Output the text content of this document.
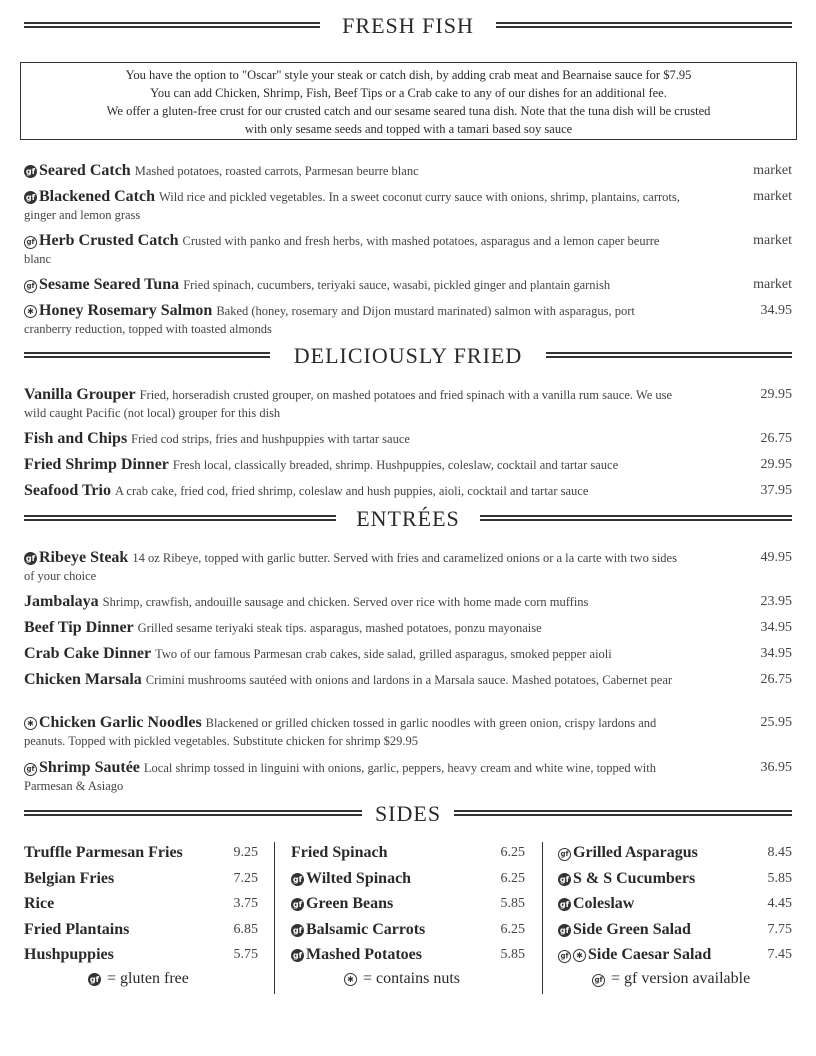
FRESH FISH
You have the option to "Oscar" style your steak or catch dish, by adding crab meat and Bearnaise sauce for $7.95
You can add Chicken, Shrimp, Fish, Beef Tips or a Crab cake to any of our dishes for an additional fee.
We offer a gluten-free crust for our crusted catch and our sesame seared tuna dish. Note that the tuna dish will be crusted
with only sesame seeds and topped with a tamari based soy sauce
gf Seared Catch Mashed potatoes, roasted carrots, Parmesan beurre blanc	market
gf Blackened Catch Wild rice and pickled vegetables. In a sweet coconut curry sauce with onions, shrimp, plantains, carrots, ginger and lemon grass
market
gf Herb Crusted Catch Crusted with panko and fresh herbs, with mashed potatoes, asparagus and a lemon caper beurre blanc
market
gf Sesame Seared Tuna Fried spinach, cucumbers, teriyaki sauce, wasabi, pickled ginger and plantain garnish	market
✱ Honey Rosemary Salmon Baked (honey, rosemary and Dijon mustard marinated) salmon with asparagus, port cranberry reduction, topped with toasted almonds
34.95
DELICIOUSLY FRIED
Vanilla Grouper Fried, horseradish crusted grouper, on mashed potatoes and fried spinach with a vanilla rum sauce. We use wild caught Pacific (not local) grouper for this dish
29.95
Fish and Chips Fried cod strips, fries and hushpuppies with tartar sauce	26.75
Fried Shrimp Dinner Fresh local, classically breaded, shrimp. Hushpuppies, coleslaw, cocktail and tartar sauce	29.95
Seafood Trio A crab cake, fried cod, fried shrimp, coleslaw and hush puppies, aioli, cocktail and tartar sauce	37.95
ENTRÉES
gf Ribeye Steak 14 oz Ribeye, topped with garlic butter. Served with fries and caramelized onions or a la carte with two sides of your choice
49.95
Jambalaya Shrimp, crawfish, andouille sausage and chicken. Served over rice with home made corn muffins	23.95
Beef Tip Dinner Grilled sesame teriyaki steak tips. asparagus, mashed potatoes, ponzu mayonaise	34.95
Crab Cake Dinner Two of our famous Parmesan crab cakes, side salad, grilled asparagus, smoked pepper aioli	34.95
Chicken Marsala Crimini mushrooms sautéed with onions and lardons in a Marsala sauce. Mashed potatoes, Cabernet pear	26.75
✱ Chicken Garlic Noodles Blackened or grilled chicken tossed in garlic noodles with green onion, crispy lardons and peanuts. Topped with pickled vegetables. Substitute chicken for shrimp $29.95
25.95
gf Shrimp Sautée Local shrimp tossed in linguini with onions, garlic, peppers, heavy cream and white wine, topped with Parmesan & Asiago
36.95
SIDES
Truffle Parmesan Fries	9.25
Belgian Fries	7.25
Rice	3.75
Fried Plantains	6.85
Hushpuppies	5.75
Fried Spinach	6.25
gf Wilted Spinach	6.25
gf Green Beans	5.85
gf Balsamic Carrots	6.25
gf Mashed Potatoes	5.85
gf Grilled Asparagus	8.45
gf S & S Cucumbers	5.85
gf Coleslaw	4.45
gf Side Green Salad	7.75
gf ✱ Side Caesar Salad	7.45
gf = gluten free	✱ = contains nuts	gf = gf version available
